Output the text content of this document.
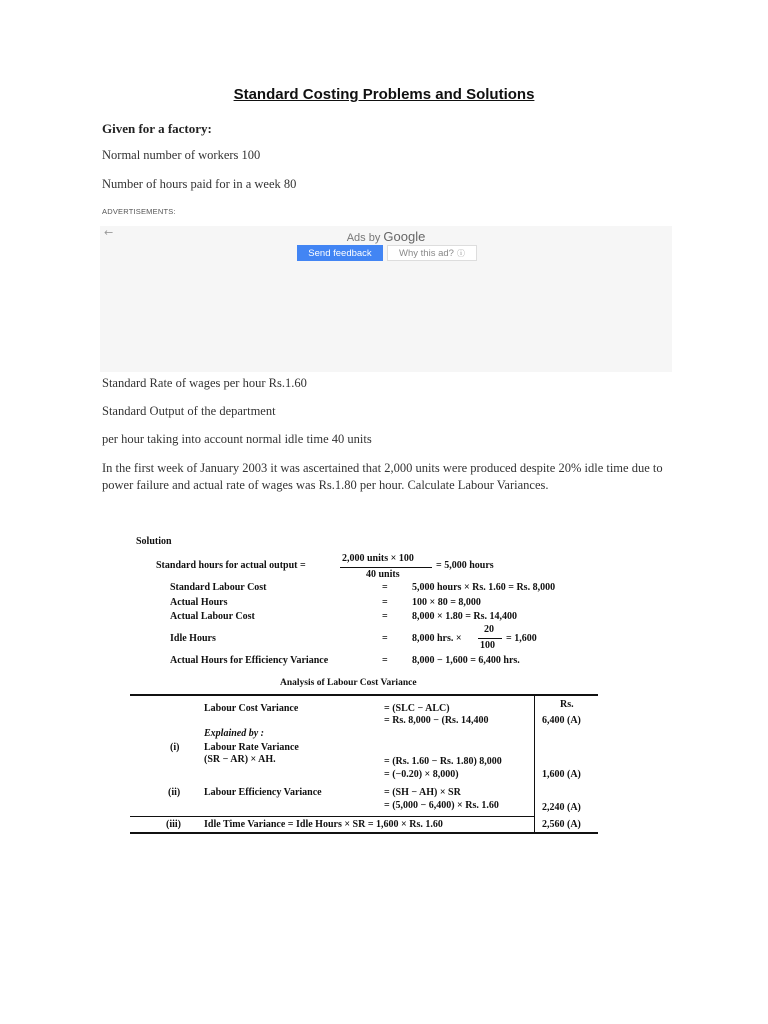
Standard Costing Problems and Solutions
Given for a factory:
Normal number of workers 100
Number of hours paid for in a week 80
ADVERTISEMENTS:
←	Ads by Google
Send feedback	Why this ad? ⓘ
Standard Rate of wages per hour Rs.1.60
Standard Output of the department
per hour taking into account normal idle time 40 units
In the first week of January 2003 it was ascertained that 2,000 units were produced despite 20% idle time due to power failure and actual rate of wages was Rs.1.80 per hour. Calculate Labour Variances.
Solution
Standard hours for actual output =
2,000 units × 100
40 units
= 5,000 hours
Standard Labour Cost	= 5,000 hours × Rs. 1.60 = Rs. 8,000
Actual Hours	= 100 × 80 = 8,000
Actual Labour Cost	= 8,000 × 1.80 = Rs. 14,400
Idle Hours	= 8,000 hrs. ×
20
100
= 1,600
Actual Hours for Efficiency Variance	= 8,000 − 1,600 = 6,400 hrs.
Analysis of Labour Cost Variance
Rs.
Labour Cost Variance	= (SLC − ALC)
= Rs. 8,000 − (Rs. 14,400	6,400 (A)
Explained by :
(i) Labour Rate Variance
(SR − AR) × AH.	= (Rs. 1.60 − Rs. 1.80) 8,000
= (−0.20) × 8,000)	1,600 (A)
(ii) Labour Efficiency Variance	= (SH − AH) × SR
= (5,000 − 6,400) × Rs. 1.60	2,240 (A)
(iii) Idle Time Variance = Idle Hours × SR = 1,600 × Rs. 1.60	2,560 (A)
